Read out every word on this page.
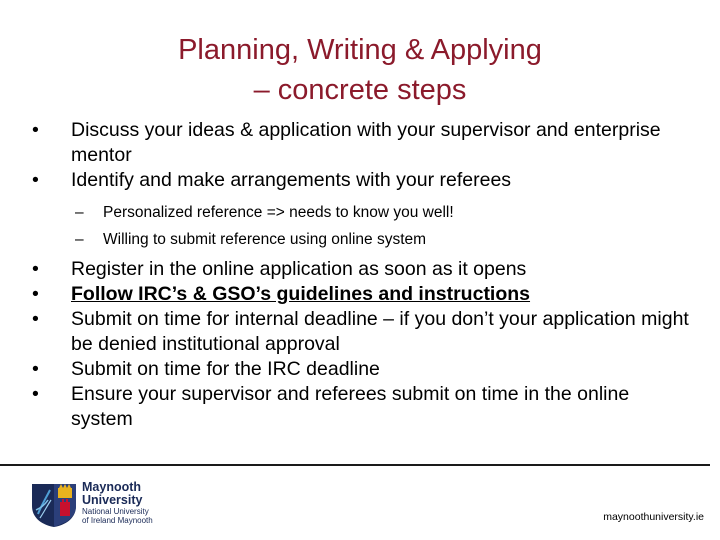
Planning, Writing & Applying
– concrete steps
•	Discuss your ideas & application with your supervisor and enterprise mentor
•	Identify and make arrangements with your referees
– Personalized reference => needs to know you well!
– Willing to submit reference using online system
•	Register in the online application as soon as it opens
•	Follow IRC’s & GSO’s guidelines and instructions
•	Submit on time for internal deadline – if you don’t your application might be denied institutional approval
•	Submit on time for the IRC deadline
•	Ensure your supervisor and referees submit on time in the online system
Maynooth
University
National University
of Ireland Maynooth	maynoothuniversity.ie
